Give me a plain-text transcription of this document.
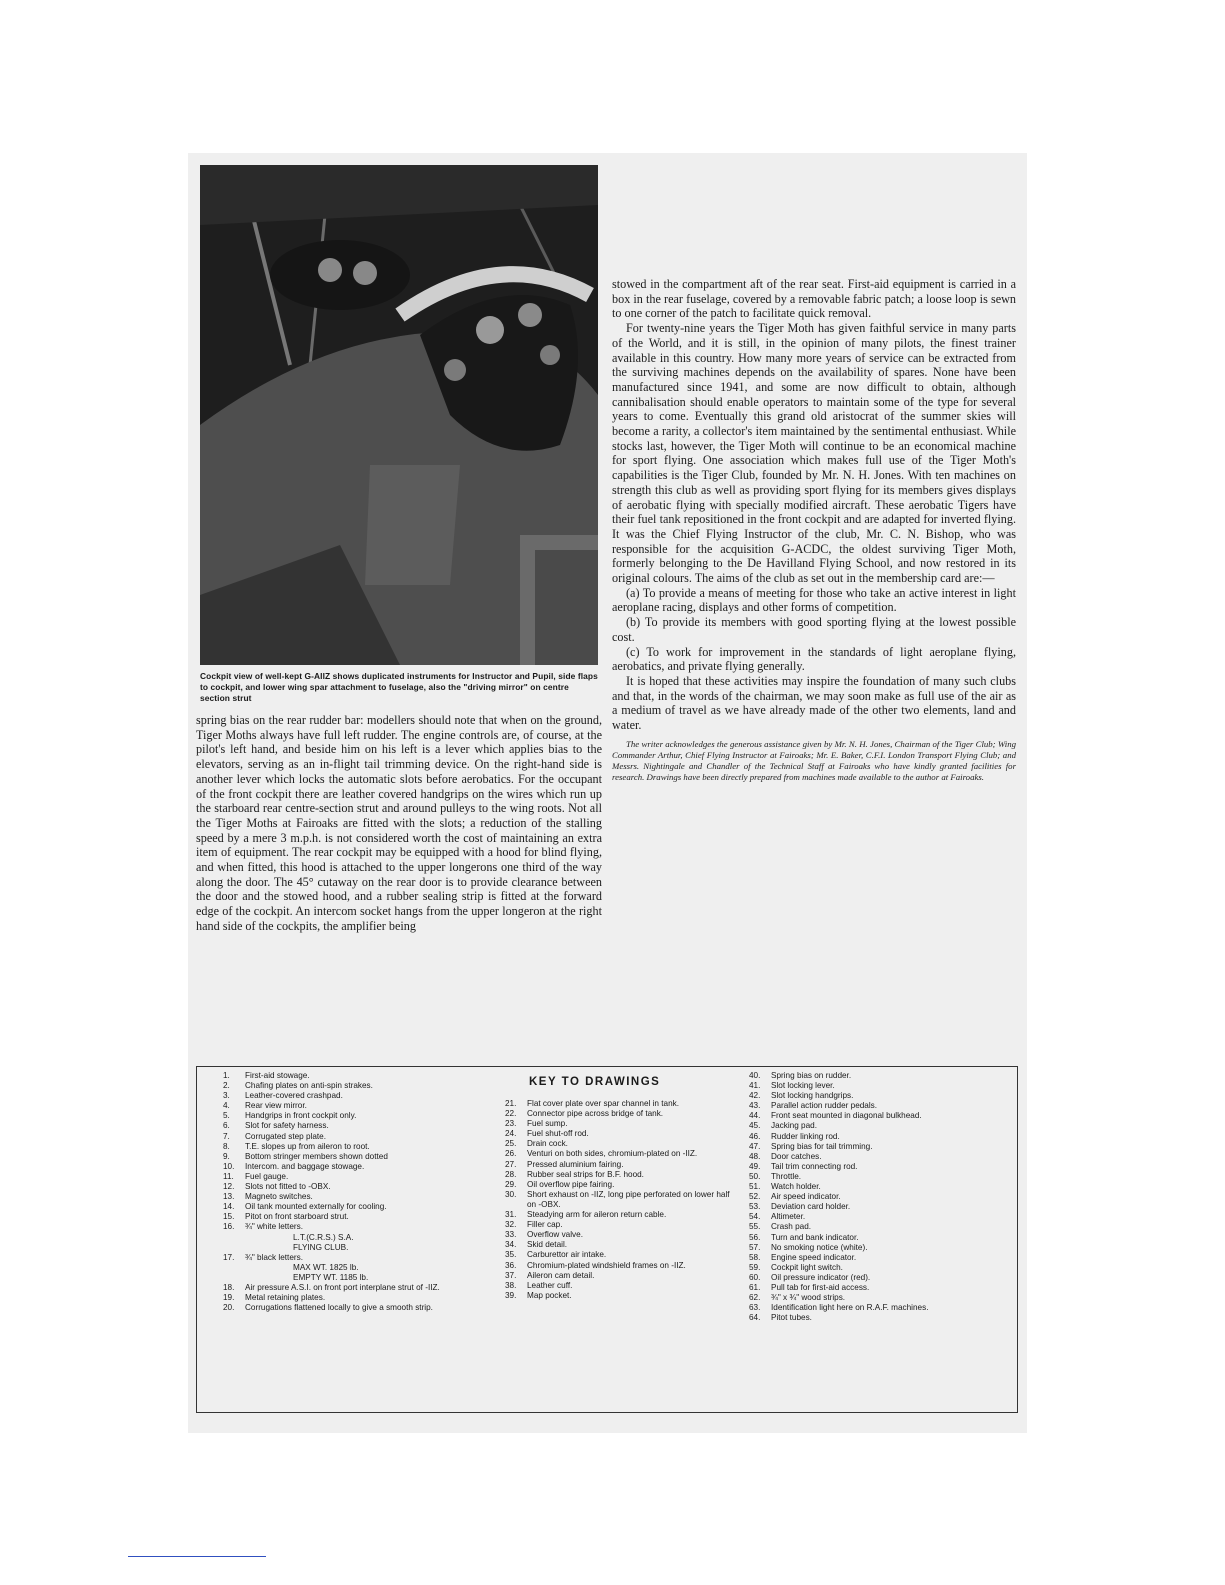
Cockpit view of well-kept G-AIIZ shows duplicated instruments for Instructor and Pupil, side flaps to cockpit, and lower wing spar attachment to fuselage, also the "driving mirror" on centre section strut

spring bias on the rear rudder bar: modellers should note that when on the ground, Tiger Moths always have full left rudder. The engine controls are, of course, at the pilot's left hand, and beside him on his left is a lever which applies bias to the elevators, serving as an in-flight tail trimming device. On the right-hand side is another lever which locks the automatic slots before aerobatics. For the occupant of the front cockpit there are leather covered handgrips on the wires which run up the starboard rear centre-section strut and around pulleys to the wing roots. Not all the Tiger Moths at Fairoaks are fitted with the slots; a reduction of the stalling speed by a mere 3 m.p.h. is not considered worth the cost of maintaining an extra item of equipment. The rear cockpit may be equipped with a hood for blind flying, and when fitted, this hood is attached to the upper longerons one third of the way along the door. The 45° cutaway on the rear door is to provide clearance between the door and the stowed hood, and a rubber sealing strip is fitted at the forward edge of the cockpit. An intercom socket hangs from the upper longeron at the right hand side of the cockpits, the amplifier being

stowed in the compartment aft of the rear seat. First-aid equipment is carried in a box in the rear fuselage, covered by a removable fabric patch; a loose loop is sewn to one corner of the patch to facilitate quick removal.

For twenty-nine years the Tiger Moth has given faithful service in many parts of the World, and it is still, in the opinion of many pilots, the finest trainer available in this country. How many more years of service can be extracted from the surviving machines depends on the availability of spares. None have been manufactured since 1941, and some are now difficult to obtain, although cannibalisation should enable operators to maintain some of the type for several years to come. Eventually this grand old aristocrat of the summer skies will become a rarity, a collector's item maintained by the sentimental enthusiast. While stocks last, however, the Tiger Moth will continue to be an economical machine for sport flying. One association which makes full use of the Tiger Moth's capabilities is the Tiger Club, founded by Mr. N. H. Jones. With ten machines on strength this club as well as providing sport flying for its members gives displays of aerobatic flying with specially modified aircraft. These aerobatic Tigers have their fuel tank repositioned in the front cockpit and are adapted for inverted flying. It was the Chief Flying Instructor of the club, Mr. C. N. Bishop, who was responsible for the acquisition G-ACDC, the oldest surviving Tiger Moth, formerly belonging to the De Havilland Flying School, and now restored in its original colours. The aims of the club as set out in the membership card are:—

(a) To provide a means of meeting for those who take an active interest in light aeroplane racing, displays and other forms of competition.

(b) To provide its members with good sporting flying at the lowest possible cost.

(c) To work for improvement in the standards of light aeroplane flying, aerobatics, and private flying generally.

It is hoped that these activities may inspire the foundation of many such clubs and that, in the words of the chairman, we may soon make as full use of the air as a medium of travel as we have already made of the other two elements, land and water.

The writer acknowledges the generous assistance given by Mr. N. H. Jones, Chairman of the Tiger Club; Wing Commander Arthur, Chief Flying Instructor at Fairoaks; Mr. E. Baker, C.F.I. London Transport Flying Club; and Messrs. Nightingale and Chandler of the Technical Staff at Fairoaks who have kindly granted facilities for research. Drawings have been directly prepared from machines made available to the author at Fairoaks.

KEY TO DRAWINGS
1.	First-aid stowage.
2.	Chafing plates on anti-spin strakes.
3.	Leather-covered crashpad.
4.	Rear view mirror.
5.	Handgrips in front cockpit only.
6.	Slot for safety harness.
7.	Corrugated step plate.
8.	T.E. slopes up from aileron to root.
9.	Bottom stringer members shown dotted
10.	Intercom. and baggage stowage.
11.	Fuel gauge.
12.	Slots not fitted to -OBX.
13.	Magneto switches.
14.	Oil tank mounted externally for cooling.
15.	Pitot on front starboard strut.
16.	¾" white letters.
L.T.(C.R.S.) S.A.
FLYING CLUB.
17.	¾" black letters.
MAX WT. 1825 lb.
EMPTY WT. 1185 lb.
18.	Air pressure A.S.I. on front port interplane strut of -IIZ.
19.	Metal retaining plates.
20.	Corrugations flattened locally to give a smooth strip.
21.	Flat cover plate over spar channel in tank.
22.	Connector pipe across bridge of tank.
23.	Fuel sump.
24.	Fuel shut-off rod.
25.	Drain cock.
26.	Venturi on both sides, chromium-plated on -IIZ.
27.	Pressed aluminium fairing.
28.	Rubber seal strips for B.F. hood.
29.	Oil overflow pipe fairing.
30.	Short exhaust on -IIZ, long pipe perforated on lower half on -OBX.
31.	Steadying arm for aileron return cable.
32.	Filler cap.
33.	Overflow valve.
34.	Skid detail.
35.	Carburettor air intake.
36.	Chromium-plated windshield frames on -IIZ.
37.	Aileron cam detail.
38.	Leather cuff.
39.	Map pocket.
40.	Spring bias on rudder.
41.	Slot locking lever.
42.	Slot locking handgrips.
43.	Parallel action rudder pedals.
44.	Front seat mounted in diagonal bulkhead.
45.	Jacking pad.
46.	Rudder linking rod.
47.	Spring bias for tail trimming.
48.	Door catches.
49.	Tail trim connecting rod.
50.	Throttle.
51.	Watch holder.
52.	Air speed indicator.
53.	Deviation card holder.
54.	Altimeter.
55.	Crash pad.
56.	Turn and bank indicator.
57.	No smoking notice (white).
58.	Engine speed indicator.
59.	Cockpit light switch.
60.	Oil pressure indicator (red).
61.	Pull tab for first-aid access.
62.	¾" x ¾" wood strips.
63.	Identification light here on R.A.F. machines.
64.	Pitot tubes.
